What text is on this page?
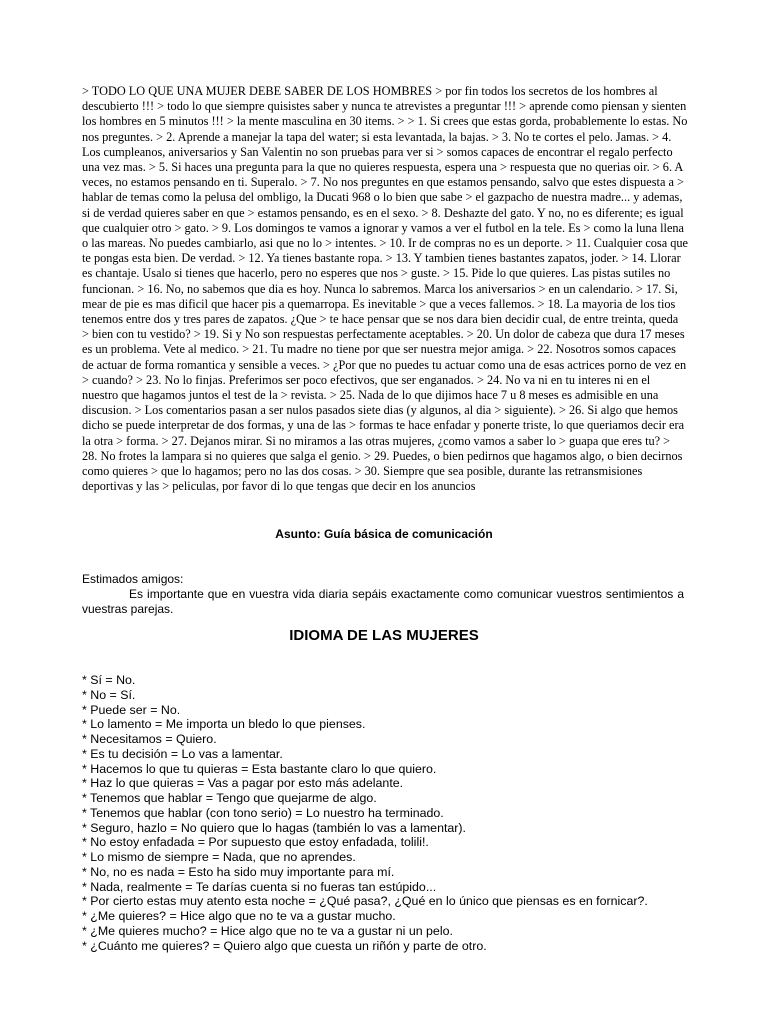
> TODO LO QUE UNA MUJER DEBE SABER DE LOS HOMBRES > por fin todos los secretos de los hombres al descubierto !!! > todo lo que siempre quisistes saber y nunca te atrevistes a preguntar !!! > aprende como piensan y sienten los hombres en 5 minutos !!! > la mente masculina en 30 items. > > 1. Si crees que estas gorda, probablemente lo estas. No nos preguntes. > 2. Aprende a manejar la tapa del water; si esta levantada, la bajas. > 3. No te cortes el pelo. Jamas. > 4. Los cumpleanos, aniversarios y San Valentin no son pruebas para ver si > somos capaces de encontrar el regalo perfecto una vez mas. > 5. Si haces una pregunta para la que no quieres respuesta, espera una > respuesta que no querias oir. > 6. A veces, no estamos pensando en ti. Superalo. > 7. No nos preguntes en que estamos pensando, salvo que estes dispuesta a > hablar de temas como la pelusa del ombligo, la Ducati 968 o lo bien que sabe > el gazpacho de nuestra madre... y ademas, si de verdad quieres saber en que > estamos pensando, es en el sexo. > 8. Deshazte del gato. Y no, no es diferente; es igual que cualquier otro > gato. > 9. Los domingos te vamos a ignorar y vamos a ver el futbol en la tele. Es > como la luna llena o las mareas. No puedes cambiarlo, asi que no lo > intentes. > 10. Ir de compras no es un deporte. > 11. Cualquier cosa que te pongas esta bien. De verdad. > 12. Ya tienes bastante ropa. > 13. Y tambien tienes bastantes zapatos, joder. > 14. Llorar es chantaje. Usalo si tienes que hacerlo, pero no esperes que nos > guste. > 15. Pide lo que quieres. Las pistas sutiles no funcionan. > 16. No, no sabemos que dia es hoy. Nunca lo sabremos. Marca los aniversarios > en un calendario. > 17. Si, mear de pie es mas dificil que hacer pis a quemarropa. Es inevitable > que a veces fallemos. > 18. La mayoria de los tios tenemos entre dos y tres pares de zapatos. ¿Que > te hace pensar que se nos dara bien decidir cual, de entre treinta, queda > bien con tu vestido? > 19. Si y No son respuestas perfectamente aceptables. > 20. Un dolor de cabeza que dura 17 meses es un problema. Vete al medico. > 21. Tu madre no tiene por que ser nuestra mejor amiga. > 22. Nosotros somos capaces de actuar de forma romantica y sensible a veces. > ¿Por que no puedes tu actuar como una de esas actrices porno de vez en > cuando? > 23. No lo finjas. Preferimos ser poco efectivos, que ser enganados. > 24. No va ni en tu interes ni en el nuestro que hagamos juntos el test de la > revista. > 25. Nada de lo que dijimos hace 7 u 8 meses es admisible en una discusion. > Los comentarios pasan a ser nulos pasados siete dias (y algunos, al dia > siguiente). > 26. Si algo que hemos dicho se puede interpretar de dos formas, y una de las > formas te hace enfadar y ponerte triste, lo que queriamos decir era la otra > forma. > 27. Dejanos mirar. Si no miramos a las otras mujeres, ¿como vamos a saber lo > guapa que eres tu? > 28. No frotes la lampara si no quieres que salga el genio. > 29. Puedes, o bien pedirnos que hagamos algo, o bien decirnos como quieres > que lo hagamos; pero no las dos cosas. > 30. Siempre que sea posible, durante las retransmisiones deportivas y las > peliculas, por favor di lo que tengas que decir en los anuncios

Asunto: Guía básica de comunicación

Estimados amigos:

Es importante que en vuestra vida diaria sepáis exactamente como comunicar vuestros sentimientos a vuestras parejas.

IDIOMA DE LAS MUJERES
* Sí = No.
* No = Sí.
* Puede ser = No.
* Lo lamento = Me importa un bledo lo que pienses.
* Necesitamos = Quiero.
* Es tu decisión = Lo vas a lamentar.
* Hacemos lo que tu quieras = Esta bastante claro lo que quiero.
* Haz lo que quieras = Vas a pagar por esto más adelante.
* Tenemos que hablar = Tengo que quejarme de algo.
* Tenemos que hablar (con tono serio) = Lo nuestro ha terminado.
* Seguro, hazlo = No quiero que lo hagas (también lo vas a lamentar).
* No estoy enfadada = Por supuesto que estoy enfadada, tolili!.
* Lo mismo de siempre = Nada, que no aprendes.
* No, no es nada = Esto ha sido muy importante para mí.
* Nada, realmente = Te darías cuenta si no fueras tan estúpido...
* Por cierto estas muy atento esta noche = ¿Qué pasa?, ¿Qué en lo único que piensas es en fornicar?.
* ¿Me quieres? = Hice algo que no te va a gustar mucho.
* ¿Me quieres mucho? = Hice algo que no te va a gustar ni un pelo.
* ¿Cuánto me quieres? = Quiero algo que cuesta un riñón y parte de otro.
